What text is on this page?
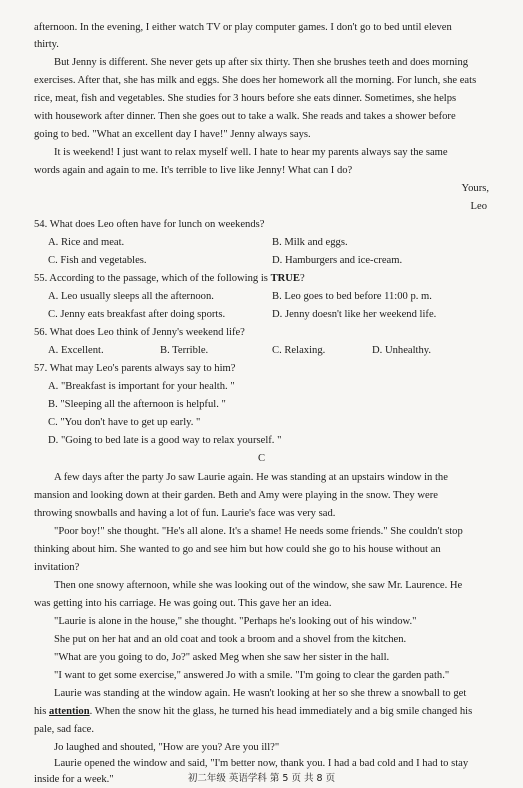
afternoon. In the evening, I either watch TV or play computer games. I don't go to bed until eleven
thirty.
But Jenny is different. She never gets up after six thirty. Then she brushes teeth and does morning
exercises. After that, she has milk and eggs. She does her homework all the morning. For lunch, she eats
rice, meat, fish and vegetables. She studies for 3 hours before she eats dinner. Sometimes, she helps
with housework after dinner. Then she goes out to take a walk. She reads and takes a shower before
going to bed. "What an excellent day I have!" Jenny always says.
It is weekend! I just want to relax myself well. I hate to hear my parents always say the same
words again and again to me. It's terrible to live like Jenny! What can I do?
Yours,
Leo
54. What does Leo often have for lunch on weekends?
A. Rice and meat.	B. Milk and eggs.
C. Fish and vegetables.	D. Hamburgers and ice-cream.
55. According to the passage, which of the following is TRUE?
A. Leo usually sleeps all the afternoon.	B. Leo goes to bed before 11:00 p. m.
C. Jenny eats breakfast after doing sports.	D. Jenny doesn't like her weekend life.
56. What does Leo think of Jenny's weekend life?
A. Excellent.	B. Terrible.	C. Relaxing.	D. Unhealthy.
57. What may Leo's parents always say to him?
A. "Breakfast is important for your health. "
B. "Sleeping all the afternoon is helpful. "
C. "You don't have to get up early. "
D. "Going to bed late is a good way to relax yourself. "
C
A few days after the party Jo saw Laurie again. He was standing at an upstairs window in the
mansion and looking down at their garden. Beth and Amy were playing in the snow. They were
throwing snowballs and having a lot of fun. Laurie's face was very sad.
"Poor boy!" she thought. "He's all alone. It's a shame! He needs some friends." She couldn't stop
thinking about him. She wanted to go and see him but how could she go to his house without an
invitation?
Then one snowy afternoon, while she was looking out of the window, she saw Mr. Laurence. He
was getting into his carriage. He was going out. This gave her an idea.
"Laurie is alone in the house," she thought. "Perhaps he's looking out of his window."
She put on her hat and an old coat and took a broom and a shovel from the kitchen.
"What are you going to do, Jo?" asked Meg when she saw her sister in the hall.
"I want to get some exercise," answered Jo with a smile. "I'm going to clear the garden path."
Laurie was standing at the window again. He wasn't looking at her so she threw a snowball to get
his attention. When the snow hit the glass, he turned his head immediately and a big smile changed his
pale, sad face.
Jo laughed and shouted, "How are you? Are you ill?"
Laurie opened the window and said, "I'm better now, thank you. I had a bad cold and I had to stay
inside for a week."	初二年级 英语学科 第 5 页 共 8 页
